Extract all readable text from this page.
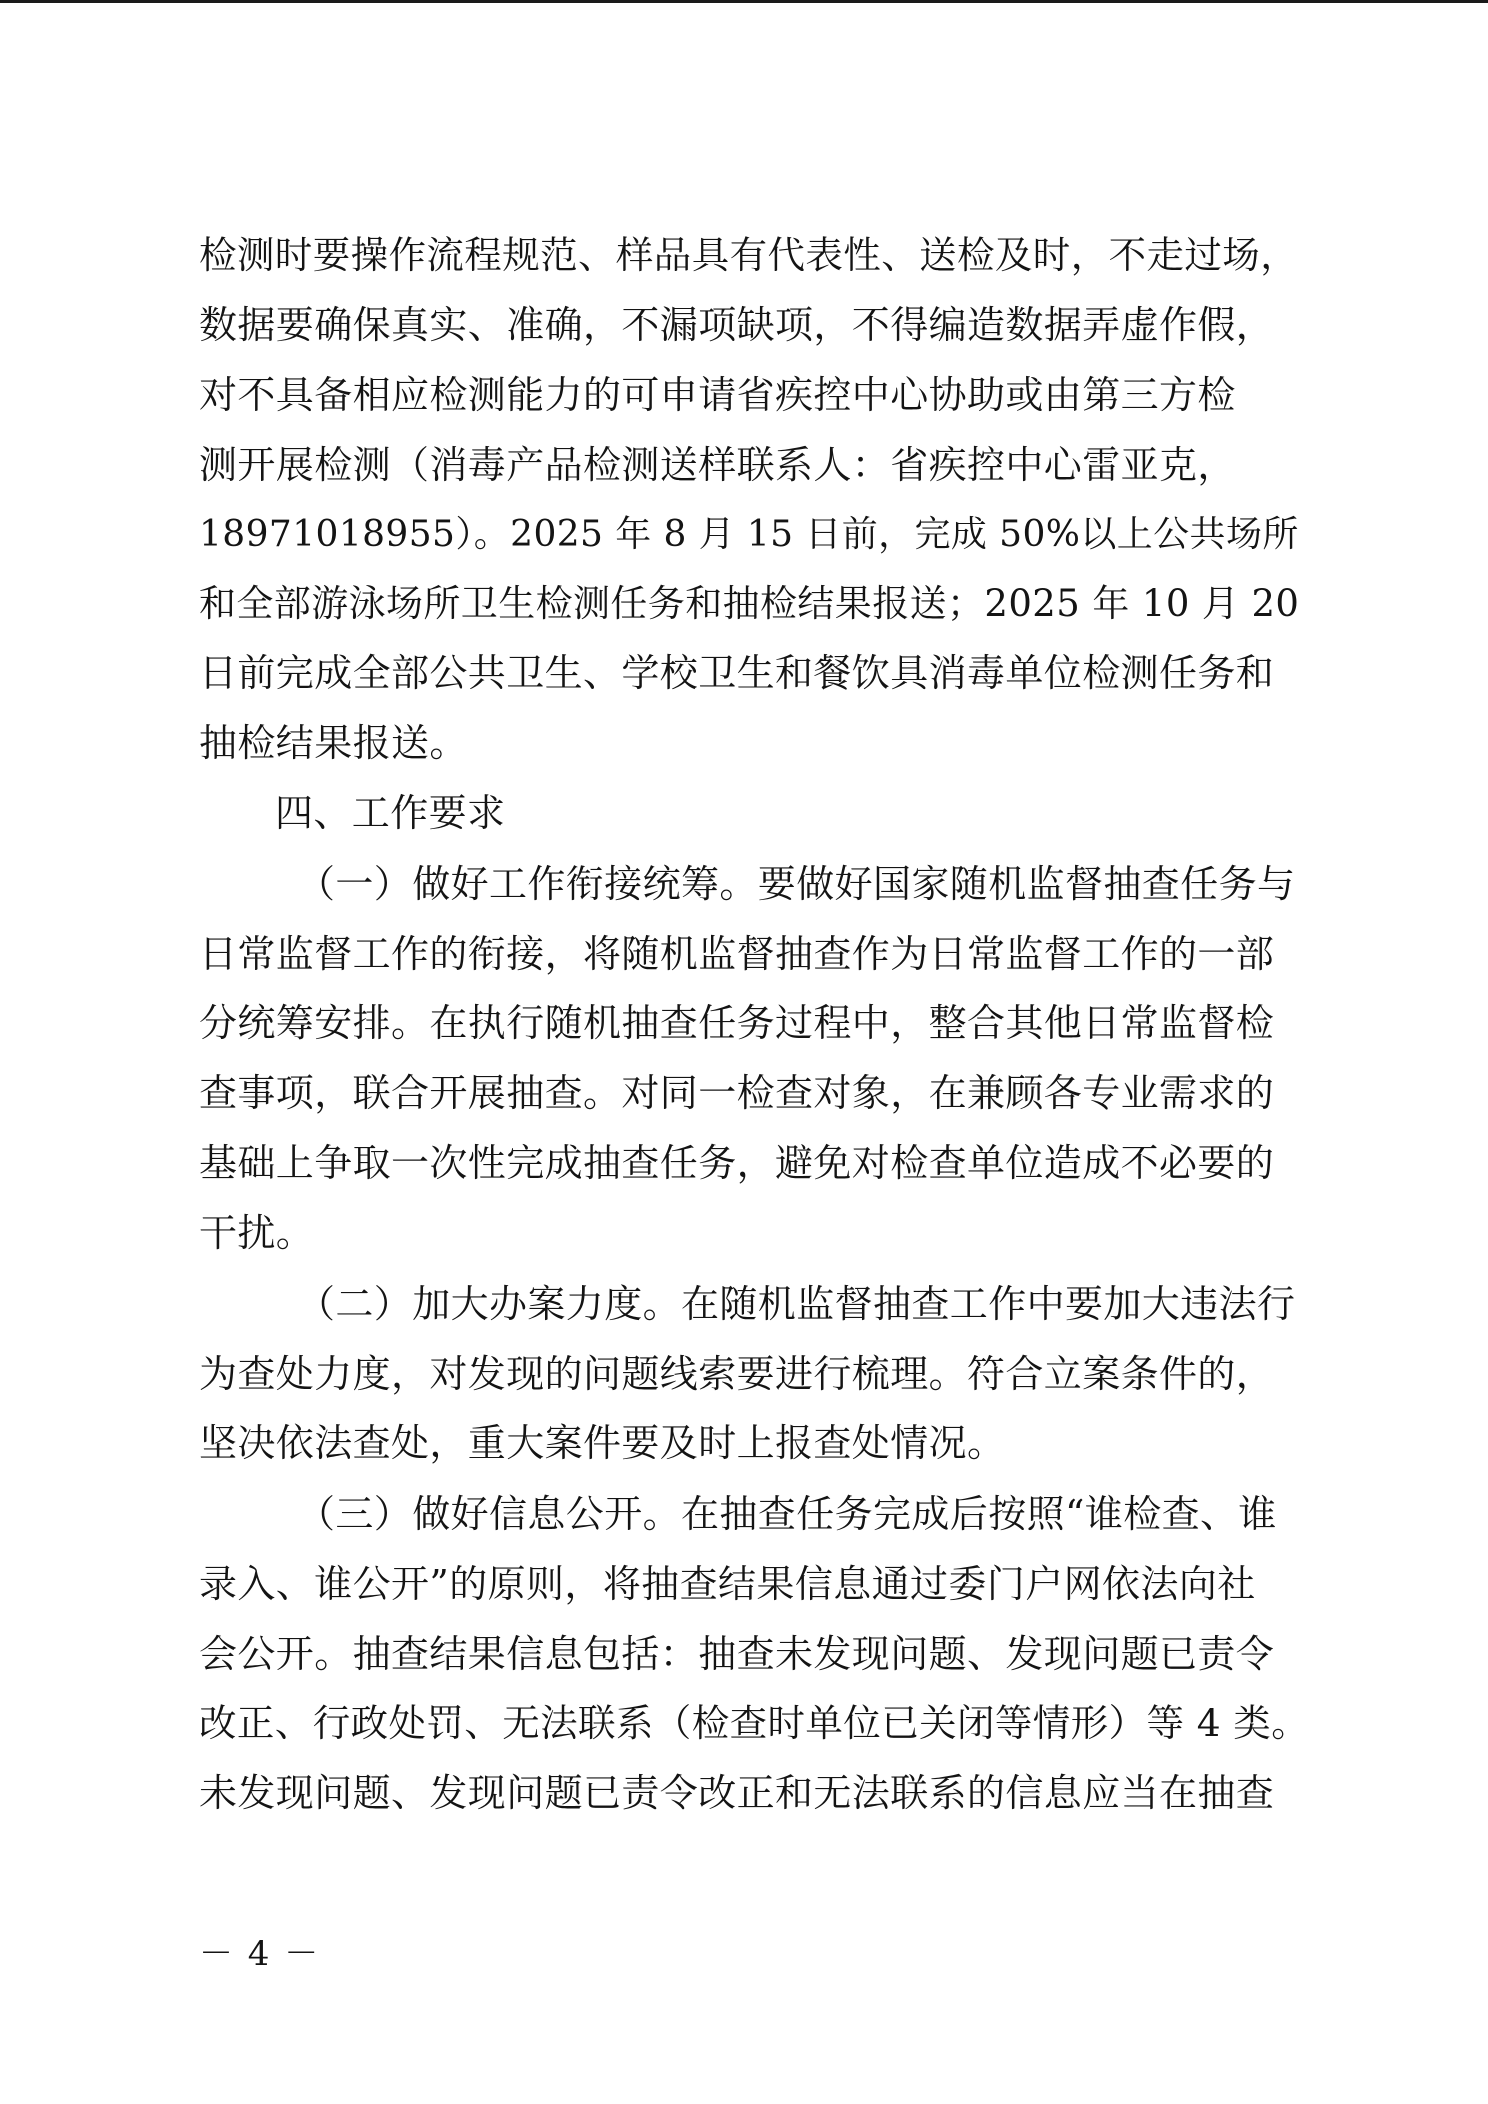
检测时要操作流程规范、样品具有代表性、送检及时，不走过场，
数据要确保真实、准确，不漏项缺项，不得编造数据弄虚作假，
对不具备相应检测能力的可申请省疾控中心协助或由第三方检
测开展检测（消毒产品检测送样联系人：省疾控中心雷亚克，
18971018955）。2025 年 8 月 15 日前，完成 50%以上公共场所
和全部游泳场所卫生检测任务和抽检结果报送；2025 年 10 月 20
日前完成全部公共卫生、学校卫生和餐饮具消毒单位检测任务和
抽检结果报送。
四、工作要求
（一）做好工作衔接统筹。要做好国家随机监督抽查任务与
日常监督工作的衔接，将随机监督抽查作为日常监督工作的一部
分统筹安排。在执行随机抽查任务过程中，整合其他日常监督检
查事项，联合开展抽查。对同一检查对象，在兼顾各专业需求的
基础上争取一次性完成抽查任务，避免对检查单位造成不必要的
干扰。
（二）加大办案力度。在随机监督抽查工作中要加大违法行
为查处力度，对发现的问题线索要进行梳理。符合立案条件的，
坚决依法查处，重大案件要及时上报查处情况。
（三）做好信息公开。在抽查任务完成后按照“谁检查、谁
录入、谁公开”的原则，将抽查结果信息通过委门户网依法向社
会公开。抽查结果信息包括：抽查未发现问题、发现问题已责令
改正、行政处罚、无法联系（检查时单位已关闭等情形）等 4 类。
未发现问题、发现问题已责令改正和无法联系的信息应当在抽查
－ 4 －
